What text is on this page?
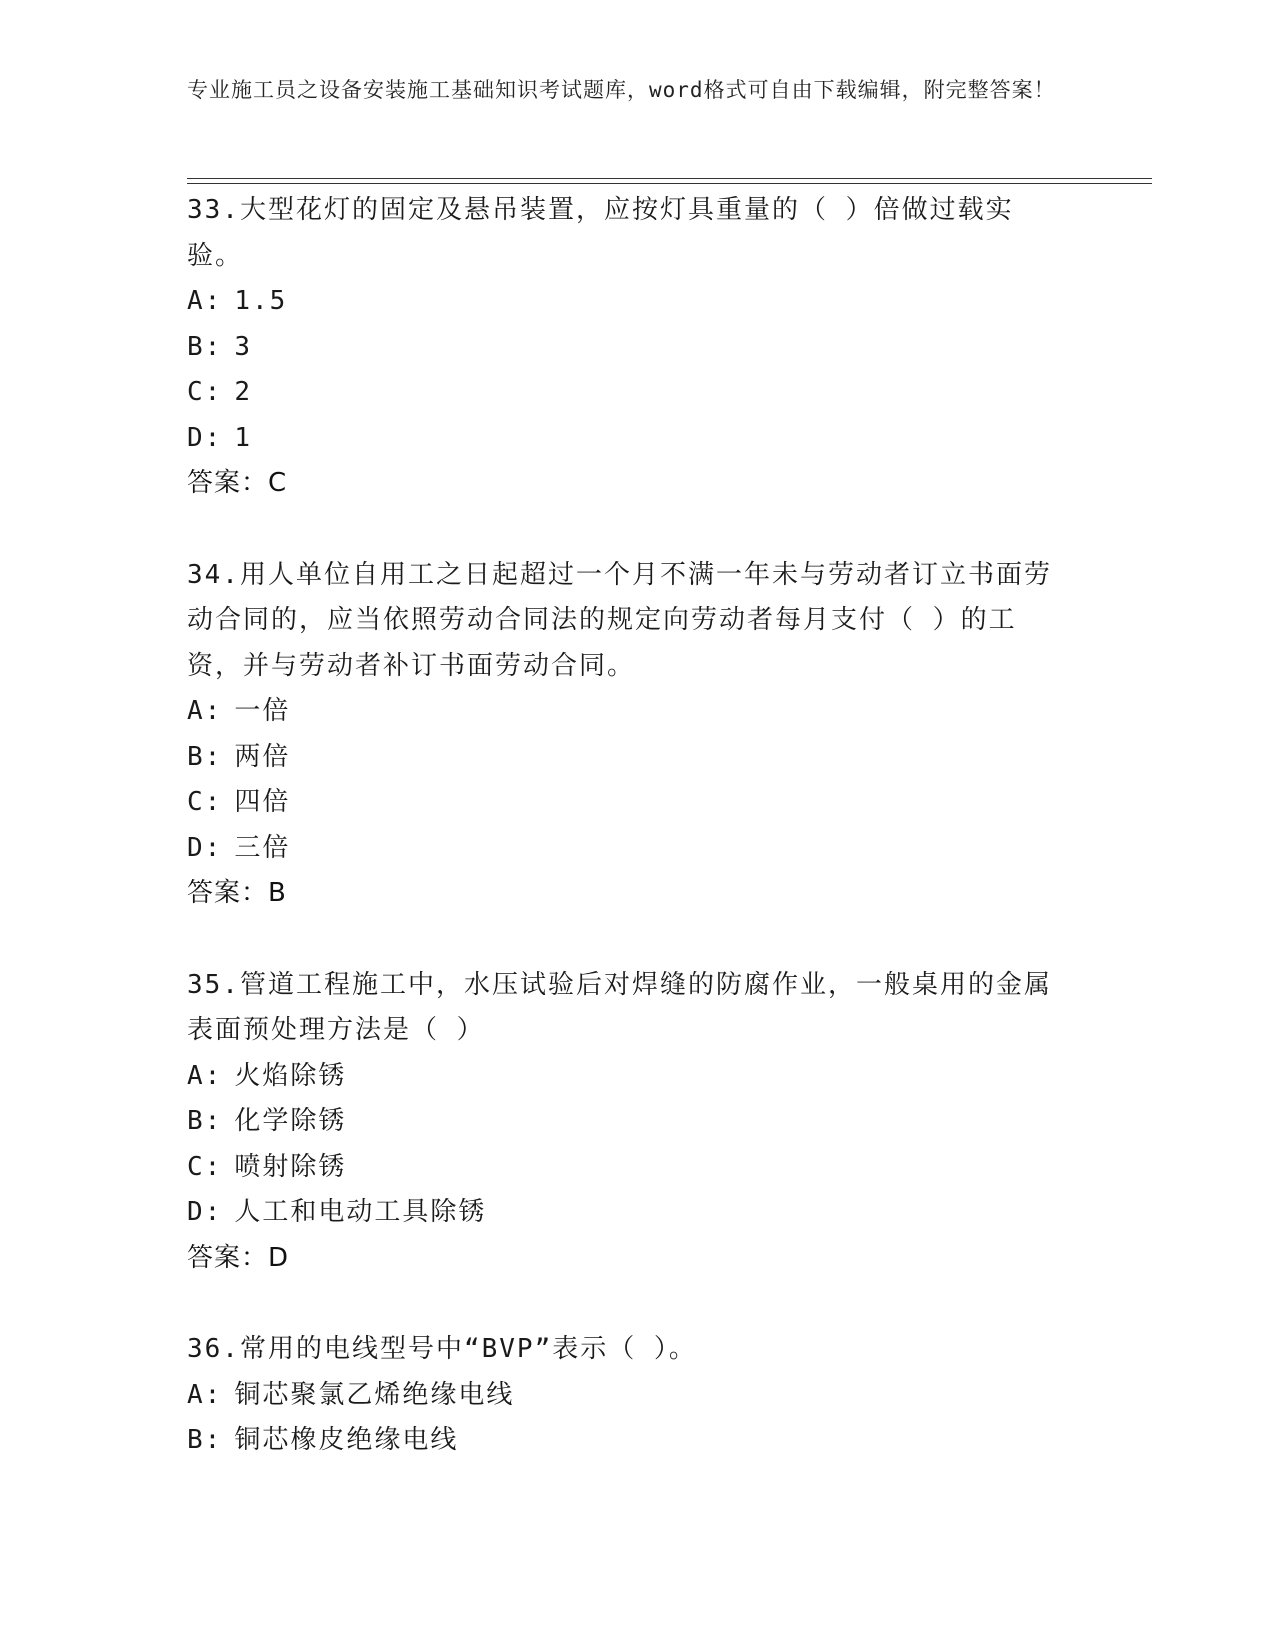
专业施工员之设备安装施工基础知识考试题库，word格式可自由下载编辑，附完整答案！
33.大型花灯的固定及悬吊装置，应按灯具重量的（ ）倍做过载实验。
A: 1.5
B: 3
C: 2
D: 1
答案：C
34.用人单位自用工之日起超过一个月不满一年未与劳动者订立书面劳动合同的，应当依照劳动合同法的规定向劳动者每月支付（ ）的工资，并与劳动者补订书面劳动合同。
A: 一倍
B: 两倍
C: 四倍
D: 三倍
答案：B
35.管道工程施工中，水压试验后对焊缝的防腐作业，一般桌用的金属表面预处理方法是（ ）
A: 火焰除锈
B: 化学除锈
C: 喷射除锈
D: 人工和电动工具除锈
答案：D
36.常用的电线型号中“BVP”表示（ ）。
A: 铜芯聚氯乙烯绝缘电线
B: 铜芯橡皮绝缘电线
